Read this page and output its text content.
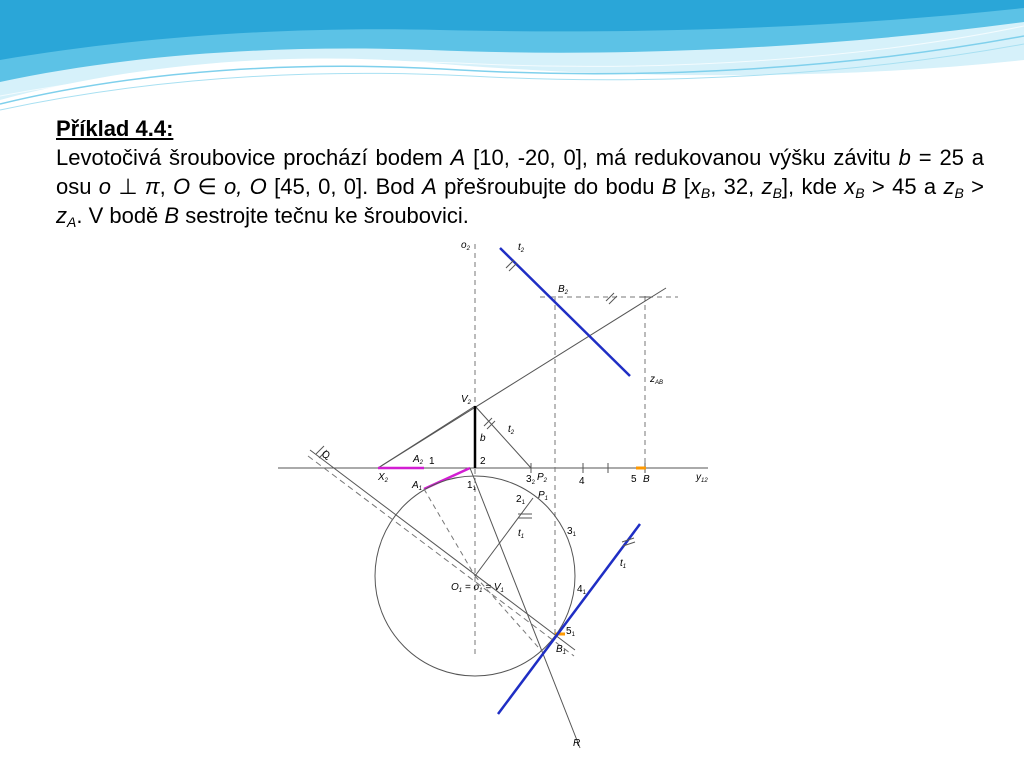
Příklad 4.4:
Levotočivá šroubovice prochází bodem A [10, -20, 0], má redukovanou výšku závitu b = 25 a osu o ⊥ π, O ∈ o, O [45, 0, 0]. Bod A přešroubujte do bodu B [$x_B$, 32, $z_B$], kde $x_B > 45$ a $z_B > z_A$. V bodě B sestrojte tečnu ke šroubovici.
$o_2$	$t_2$
$B_2$
$z_{AB}$
$V_2$
b
$t_2$
Q	$A_2$ 1	2
$3_2$ $P_2$	4	5 B	$y_{12}$
$X_2$ $A_1$	$1_1$
$2_1$
$P_1$
$t_1$	$3_1$
$t_1$
$O_1 = o_1 = V_1$	$4_1$
$5_1$
$B_1$
R
